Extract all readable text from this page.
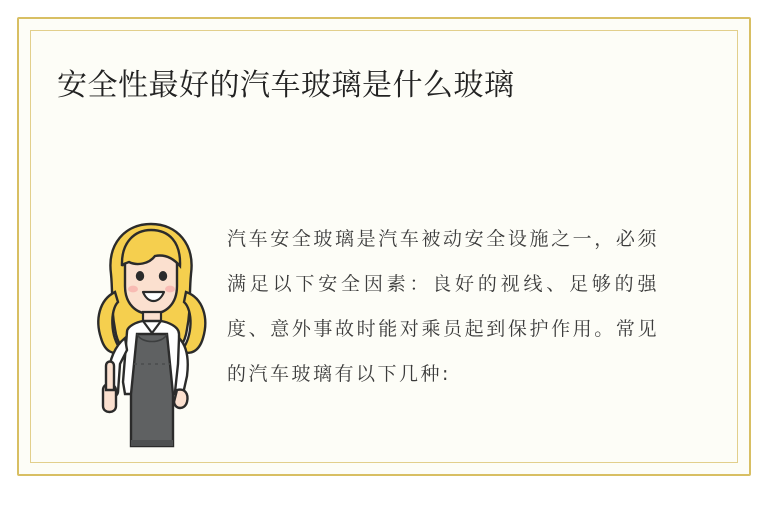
安全性最好的汽车玻璃是什么玻璃
汽车安全玻璃是汽车被动安全设施之一，必须满足以下安全因素：良好的视线、足够的强度、意外事故时能对乘员起到保护作用。常见的汽车玻璃有以下几种:
